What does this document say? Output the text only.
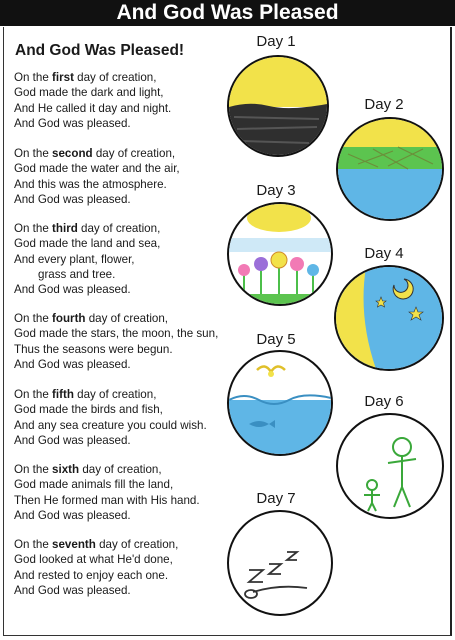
And God Was Pleased
And God Was Pleased!
On the first day of creation,
God made the dark and light,
And He called it day and night.
And God was pleased.
On the second day of creation,
God made the water and the air,
And this was the atmosphere.
And God was pleased.
On the third day of creation,
God made the land and sea,
And every plant, flower,
grass and tree.
And God was pleased.
On the fourth day of creation,
God made the stars, the moon, the sun,
Thus the seasons were begun.
And God was pleased.
On the fifth day of creation,
God made the birds and fish,
And any sea creature you could wish.
And God was pleased.
On the sixth day of creation,
God made animals fill the land,
Then He formed man with His hand.
And God was pleased.
On the seventh day of creation,
God looked at what He'd done,
And rested to enjoy each one.
And God was pleased.
Day 1
Day 2
Day 3
Day 4
Day 5
Day 6
Day 7
